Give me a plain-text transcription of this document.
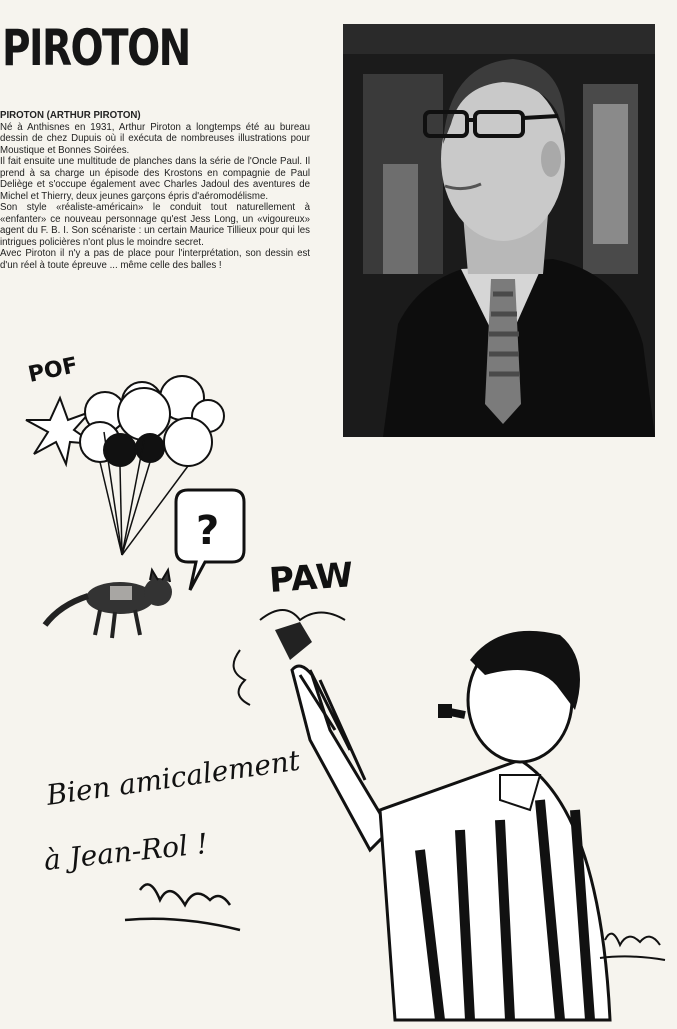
PIROTON

PIROTON (ARTHUR PIROTON)

Né à Anthisnes en 1931, Arthur Piroton a longtemps été au bureau dessin de chez Dupuis où il exécuta de nombreuses illustrations pour Moustique et Bonnes Soirées.

Il fait ensuite une multitude de planches dans la série de l'Oncle Paul. Il prend à sa charge un épisode des Krostons en compagnie de Paul Deliège et s'occupe également avec Charles Jadoul des aventures de Michel et Thierry, deux jeunes garçons épris d'aéromodélisme.

Son style «réaliste-américain» le conduit tout naturellement à «enfanter» ce nouveau personnage qu'est Jess Long, un «vigoureux» agent du F. B. I. Son scénariste : un certain Maurice Tillieux pour qui les intrigues policières n'ont plus le moindre secret.

Avec Piroton il n'y a pas de place pour l'interprétation, son dessin est d'un réel à toute épreuve ... même celle des balles !

POF
?
PAW
Bien amicalement
à Jean-Rol !
